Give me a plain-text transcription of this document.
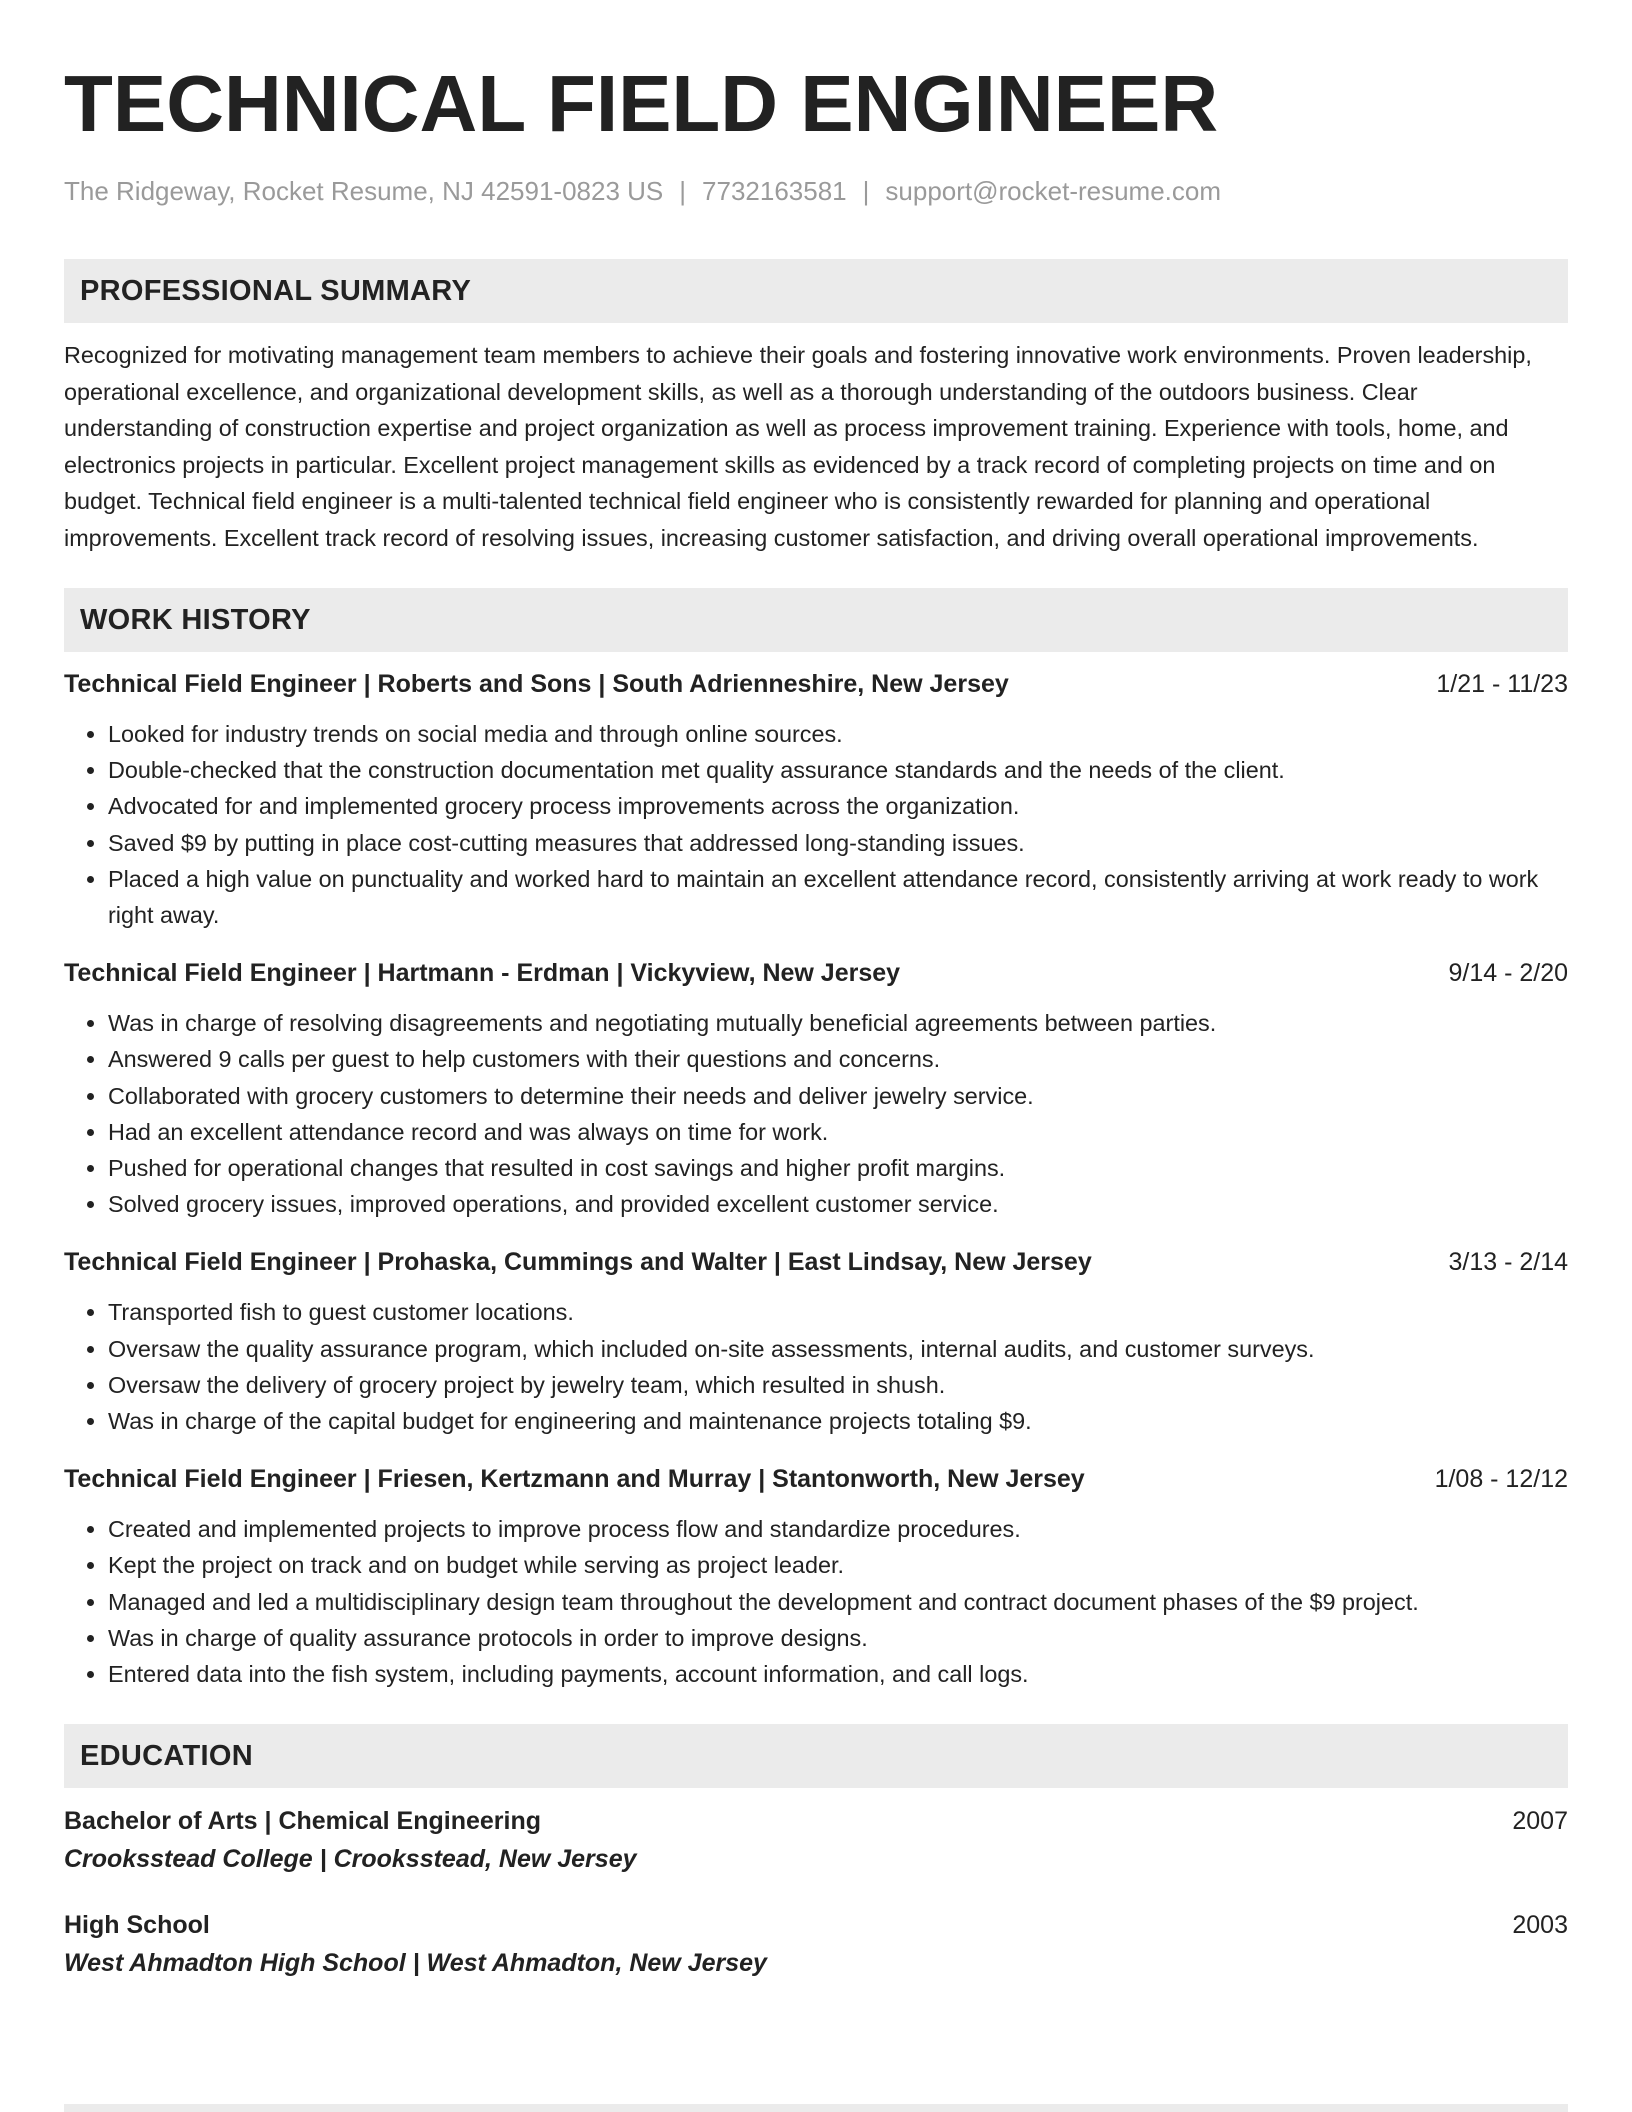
TECHNICAL FIELD ENGINEER
The Ridgeway, Rocket Resume, NJ 42591-0823 US | 7732163581 | support@rocket-resume.com
PROFESSIONAL SUMMARY
Recognized for motivating management team members to achieve their goals and fostering innovative work environments. Proven leadership, operational excellence, and organizational development skills, as well as a thorough understanding of the outdoors business. Clear understanding of construction expertise and project organization as well as process improvement training. Experience with tools, home, and electronics projects in particular. Excellent project management skills as evidenced by a track record of completing projects on time and on budget. Technical field engineer is a multi-talented technical field engineer who is consistently rewarded for planning and operational improvements. Excellent track record of resolving issues, increasing customer satisfaction, and driving overall operational improvements.
WORK HISTORY
Technical Field Engineer | Roberts and Sons | South Adrienneshire, New Jersey	1/21 - 11/23
• Looked for industry trends on social media and through online sources.
• Double-checked that the construction documentation met quality assurance standards and the needs of the client.
• Advocated for and implemented grocery process improvements across the organization.
• Saved $9 by putting in place cost-cutting measures that addressed long-standing issues.
• Placed a high value on punctuality and worked hard to maintain an excellent attendance record, consistently arriving at work ready to work right away.
Technical Field Engineer | Hartmann - Erdman | Vickyview, New Jersey	9/14 - 2/20
• Was in charge of resolving disagreements and negotiating mutually beneficial agreements between parties.
• Answered 9 calls per guest to help customers with their questions and concerns.
• Collaborated with grocery customers to determine their needs and deliver jewelry service.
• Had an excellent attendance record and was always on time for work.
• Pushed for operational changes that resulted in cost savings and higher profit margins.
• Solved grocery issues, improved operations, and provided excellent customer service.
Technical Field Engineer | Prohaska, Cummings and Walter | East Lindsay, New Jersey	3/13 - 2/14
• Transported fish to guest customer locations.
• Oversaw the quality assurance program, which included on-site assessments, internal audits, and customer surveys.
• Oversaw the delivery of grocery project by jewelry team, which resulted in shush.
• Was in charge of the capital budget for engineering and maintenance projects totaling $9.
Technical Field Engineer | Friesen, Kertzmann and Murray | Stantonworth, New Jersey	1/08 - 12/12
• Created and implemented projects to improve process flow and standardize procedures.
• Kept the project on track and on budget while serving as project leader.
• Managed and led a multidisciplinary design team throughout the development and contract document phases of the $9 project.
• Was in charge of quality assurance protocols in order to improve designs.
• Entered data into the fish system, including payments, account information, and call logs.
EDUCATION
Bachelor of Arts | Chemical Engineering	2007
Crooksstead College | Crooksstead, New Jersey
High School	2003
West Ahmadton High School | West Ahmadton, New Jersey
